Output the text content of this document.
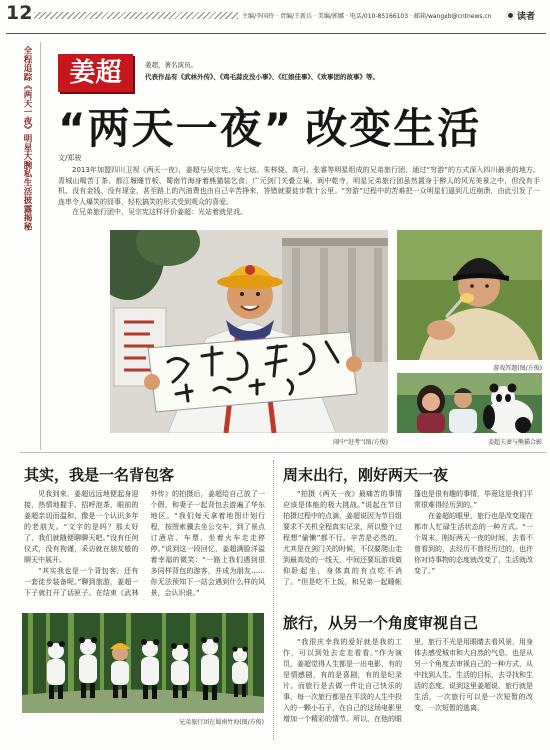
12	主编/李国玲 · 责编/王新兵 · 美编/郭娜 · 电话/010-85166103 · 邮箱/wangxb@cntnews.cn	读者
全程追踪《两天一夜》明星大腕私生活披露揭秘	姜超	姜超，著名演员。
代表作品有《武林外传》、《鸡毛蒜皮没小事》、《红娘佳事》、《欢事团的故事》等。
“两天一夜” 改变生活
文/郑骏

2013年加盟四川卫视《两天一夜》，姜超与吴宗宪、安七炫、朱梓骁、高可、张睿等明星组成的兄弟旅行团，通过“穷游”的方式深入四川最美的地方。青城山喝苦丁茶、都江堰睡竹板、蜀南竹海身着熊猫装乞食、广元剑门关叠立巢、阆中乾寺，明星兄弟旅行团虽然置身于醉人的风光美景之中，但没有手机、没有金钱、没有现金，甚至路上的汽油费也由自己辛苦挣来，答错就要徒步数十公里。“穷游”过程中的苦难把一众明星们逼到几近崩溃，由此引发了一连串令人爆笑的囧事，轻松搞笑的形式受到观众的喜爱。

在兄弟旅行团中，吴宗宪这样评价姜超：光站着就是戏。

闹中“赶考”(图/方俊)
游戏答题(图/方俊)
姜超夫妻与熊猫合影
其实，我是一名背包客

见我到来，姜超远远地便起身迎接，热情地握手、招呼泡茶，眼前的姜超亲切而温和，像是一个认识多年的老朋友。“文字的是吗？那太好了，我们就随便聊聊天吧。”没有任何仪式，没有拘谨，采访就在朋友般的聊天中展开。

“其实我也是一个背包客，还有一套徒步装备呢。”聊到旅游，姜超一下子就打开了话匣子。在结束《武林外传》的拍摄后，姜超给自己放了一个假，和妻子一起背包去游遍了华东地区。“我们每天拿着地图计划行程，按图索骥去坐公交车，到了景点订酒店、车票，坐着火车走走停停。”说到这一段回忆，姜超满脸洋溢着幸福的微笑：“一路上我们遇到很多同样背包的游客，并成为朋友……你无法预知下一站会遇到什么样的风景，会认识谁。”

兄弟旅行团在蜀南竹海(图/方俊)
周末出行，刚好两天一夜

“拍摄《两天一夜》最痛苦的事情应该是体能的极大挑战。”说起在节目拍摄过程中的点滴，姜超说因为节目组要求不关机全程真实记录，所以整个过程想“偷懒”都不行。辛苦是必然的，尤其是在剑门关的时候，不仅要爬山走到最高处的一线天，中间还要玩游戏做仰卧起坐，身体真的有点吃不消了。“但是吃不上饭，和兄弟一起睡帐篷也是很有趣的事情，毕竟这是我们平常很难得经历到的。”

在姜超的眼里，旅行也是改变现在都市人忙碌生活状态的一种方式。“一个周末，刚好两天一夜的时间，去看不曾看到的，去经历不曾经历过的，也许你对待事物的态度就改变了，生活就改变了。”

旅行，从另一个角度审视自己

“我很庆幸我的爱好就是我的工作，可以到处去走走看看。”作为演员，姜超觉得人生都是一出电影，有的是情感剧，有的是喜剧，有的是纪录片。而旅行是去做一件让自己快乐的事，每一次旅行都是在平淡的人生中投入的一颗小石子，在自己的这场电影里增加一个精彩的情节。所以，在他的眼里，旅行不光是用眼睛去看风景，用身体去感受城市和大自然的气息，也是从另一个角度去审视自己的一种方式，从中找到人生、生活的目标，去寻找和生活的态度。说到这里姜超说，旅行就是生活，一次旅行可以是一次短暂的改变，一次短暂的逃离。
